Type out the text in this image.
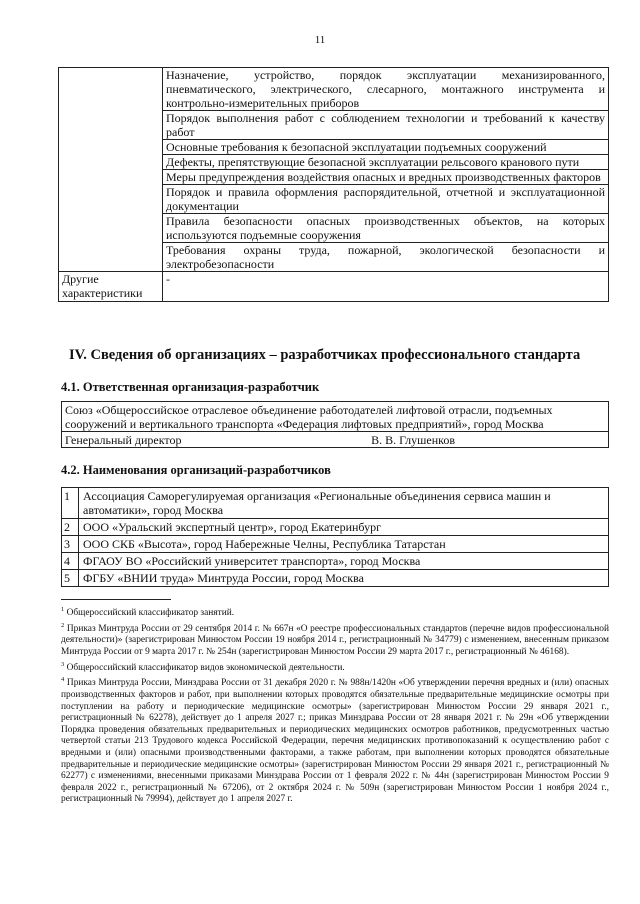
11
	Назначение, устройство, порядок эксплуатации механизированного, пневматического, электрического, слесарного, монтажного инструмента и контрольно-измерительных приборов
	Порядок выполнения работ с соблюдением технологии и требований к качеству работ
	Основные требования к безопасной эксплуатации подъемных сооружений
	Дефекты, препятствующие безопасной эксплуатации рельсового кранового пути
	Меры предупреждения воздействия опасных и вредных производственных факторов
	Порядок и правила оформления распорядительной, отчетной и эксплуатационной документации
	Правила безопасности опасных производственных объектов, на которых используются подъемные сооружения
	Требования охраны труда, пожарной, экологической безопасности и электробезопасности
Другие характеристики	-
IV. Сведения об организациях – разработчиках профессионального стандарта
4.1. Ответственная организация-разработчик
Союз «Общероссийское отраслевое объединение работодателей лифтовой отрасли, подъемных сооружений и вертикального транспорта «Федерация лифтовых предприятий», город Москва

Генеральный директор	В. В. Глушенков
4.2. Наименования организаций-разработчиков
1	Ассоциация Саморегулируемая организация «Региональные объединения сервиса машин и автоматики», город Москва
2	ООО «Уральский экспертный центр», город Екатеринбург
3	ООО СКБ «Высота», город Набережные Челны, Республика Татарстан
4	ФГАОУ ВО «Российский университет транспорта», город Москва
5	ФГБУ «ВНИИ труда» Минтруда России, город Москва

$^1$ Общероссийский классификатор занятий.

$^2$ Приказ Минтруда России от 29 сентября 2014 г. № 667н «О реестре профессиональных стандартов (перечне видов профессиональной деятельности)» (зарегистрирован Минюстом России 19 ноября 2014 г., регистрационный № 34779) с изменением, внесенным приказом Минтруда России от 9 марта 2017 г. № 254н (зарегистрирован Минюстом России 29 марта 2017 г., регистрационный № 46168).

$^3$ Общероссийский классификатор видов экономической деятельности.

$^4$ Приказ Минтруда России, Минздрава России от 31 декабря 2020 г. № 988н/1420н «Об утверждении перечня вредных и (или) опасных производственных факторов и работ, при выполнении которых проводятся обязательные предварительные медицинские осмотры при поступлении на работу и периодические медицинские осмотры» (зарегистрирован Минюстом России 29 января 2021 г., регистрационный № 62278), действует до 1 апреля 2027 г.; приказ Минздрава России от 28 января 2021 г. № 29н «Об утверждении Порядка проведения обязательных предварительных и периодических медицинских осмотров работников, предусмотренных частью четвертой статьи 213 Трудового кодекса Российской Федерации, перечня медицинских противопоказаний к осуществлению работ с вредными и (или) опасными производственными факторами, а также работам, при выполнении которых проводятся обязательные предварительные и периодические медицинские осмотры» (зарегистрирован Минюстом России 29 января 2021 г., регистрационный № 62277) с изменениями, внесенными приказами Минздрава России от 1 февраля 2022 г. № 44н (зарегистрирован Минюстом России 9 февраля 2022 г., регистрационный № 67206), от 2 октября 2024 г. № 509н (зарегистрирован Минюстом России 1 ноября 2024 г., регистрационный № 79994), действует до 1 апреля 2027 г.
